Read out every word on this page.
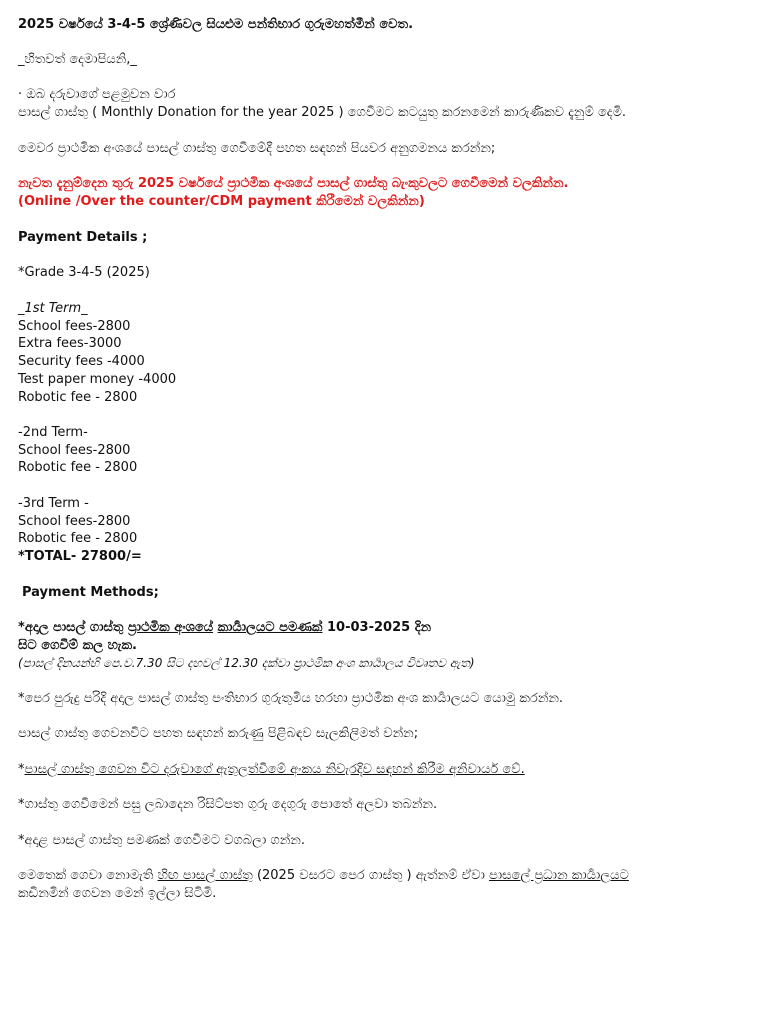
2025 වර්ෂයේ 3-4-5 ශ්‍රේණිවල සියළුම පන්තිභාර ගුරුමහත්මීන් වෙත.
_හිතවත් දෙමාපියනි,_
· ඔබ දරුවාගේ පළමුවන වාර
පාසල් ගාස්තු ( Monthly Donation for the year 2025 ) ගෙවීමට කටයුතු කරනමෙන් කාරුණිකව දැනුම් දෙමි.
මෙවර ප්‍රාථමික අංශයේ පාසල් ගාස්තු ගෙවීමේදී පහත සඳහන් පියවර අනුගමනය කරන්න;
නැවත දැනුම්දෙන තුරු 2025 වර්ෂයේ ප්‍රාථමික අංශයේ පාසල් ගාස්තු බැංකුවලට ගෙවීමෙන් වලකින්න.
(Online /Over the counter/CDM payment කිරීමෙන් වලකින්න)
Payment Details ;
*Grade 3-4-5 (2025)
_1st Term_
School fees-2800
Extra fees-3000
Security fees -4000
Test paper money -4000
Robotic fee - 2800
-2nd Term-
School fees-2800
Robotic fee - 2800
-3rd Term -
School fees-2800
Robotic fee - 2800
*TOTAL- 27800/=
Payment Methods;
*අදාල පාසල් ගාස්තු ප්‍රාථමික අංශයේ කාර්‍යාලයට පමණක් 10-03-2025 දින
සිට ගෙවීම් කල හැක.
(පාසල් දිනයන්හි පෙ.ව.7.30 සිට දහවල් 12.30 දක්වා ප්‍රාථමික අංශ කාර්‍යාලය විවෘතව ඇත)
*පෙර පුරුදු පරිදි අදාල පාසල් ගාස්තු පංතිභාර ගුරුතුමිය හරහා ප්‍රාථමික අංශ කාර්‍යාලයට යොමු කරන්න.
පාසල් ගාස්තු ගෙවනවිට පහත සඳහන් කරුණු පිළිබඳව සැලකිලිමත් වන්න;
*පාසල් ගාස්තු ගෙවන විට දරුවාගේ ඇතුලත්වීමේ අංකය නිවැරදිව සඳහන් කිරීම අනිවාර්ය වේ.
*ගාස්තු ගෙවීමෙන් පසු ලබාදෙන රිසිට්පත ගුරු දෙගුරු පොතේ අලවා තබන්න.
*අදාළ පාසල් ගාස්තු පමණක් ගෙවීමට වගබලා ගන්න.
මෙතෙක් ගෙවා නොමැති හිඟ පාසල් ගාස්තු (2025 වසරට පෙර ගාස්තු ) ඇත්නම් ඒවා පාසලේ ප්‍රධාන කාර්‍යාලයට
කඩිනමින් ගෙවන මෙන් ඉල්ලා සිටිමි.
